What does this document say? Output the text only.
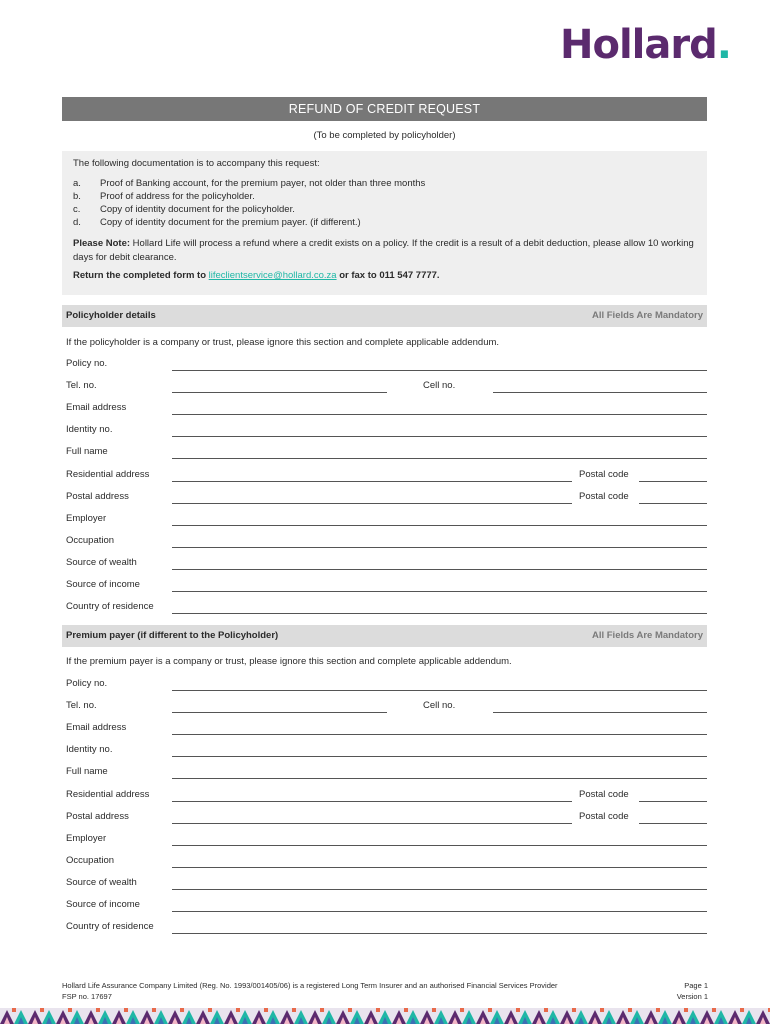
Hollard.
REFUND OF CREDIT REQUEST
(To be completed by policyholder)

The following documentation is to accompany this request:

a.	Proof of Banking account, for the premium payer, not older than three months
b.	Proof of address for the policyholder.
c.	Copy of identity document for the policyholder.
d.	Copy of identity document for the premium payer. (if different.)

Please Note: Hollard Life will process a refund where a credit exists on a policy. If the credit is a result of a debit deduction, please allow 10 working days for debit clearance.

Return the completed form to lifeclientservice@hollard.co.za or fax to 011 547 7777.

Policyholder details	All Fields Are Mandatory
If the policyholder is a company or trust, please ignore this section and complete applicable addendum.
Policy no.
Tel. no.	Cell no.
Email address
Identity no.
Full name
Residential address	Postal code
Postal address	Postal code
Employer
Occupation
Source of wealth
Source of income
Country of residence
Premium payer (if different to the Policyholder)	All Fields Are Mandatory
If the premium payer is a company or trust, please ignore this section and complete applicable addendum.
Policy no.
Tel. no.	Cell no.
Email address
Identity no.
Full name
Residential address	Postal code
Postal address	Postal code
Employer
Occupation
Source of wealth
Source of income
Country of residence
Hollard Life Assurance Company Limited (Reg. No. 1993/001405/06) is a registered Long Term Insurer and an authorised Financial Services Provider
FSP no. 17697
Page 1
Version 1
